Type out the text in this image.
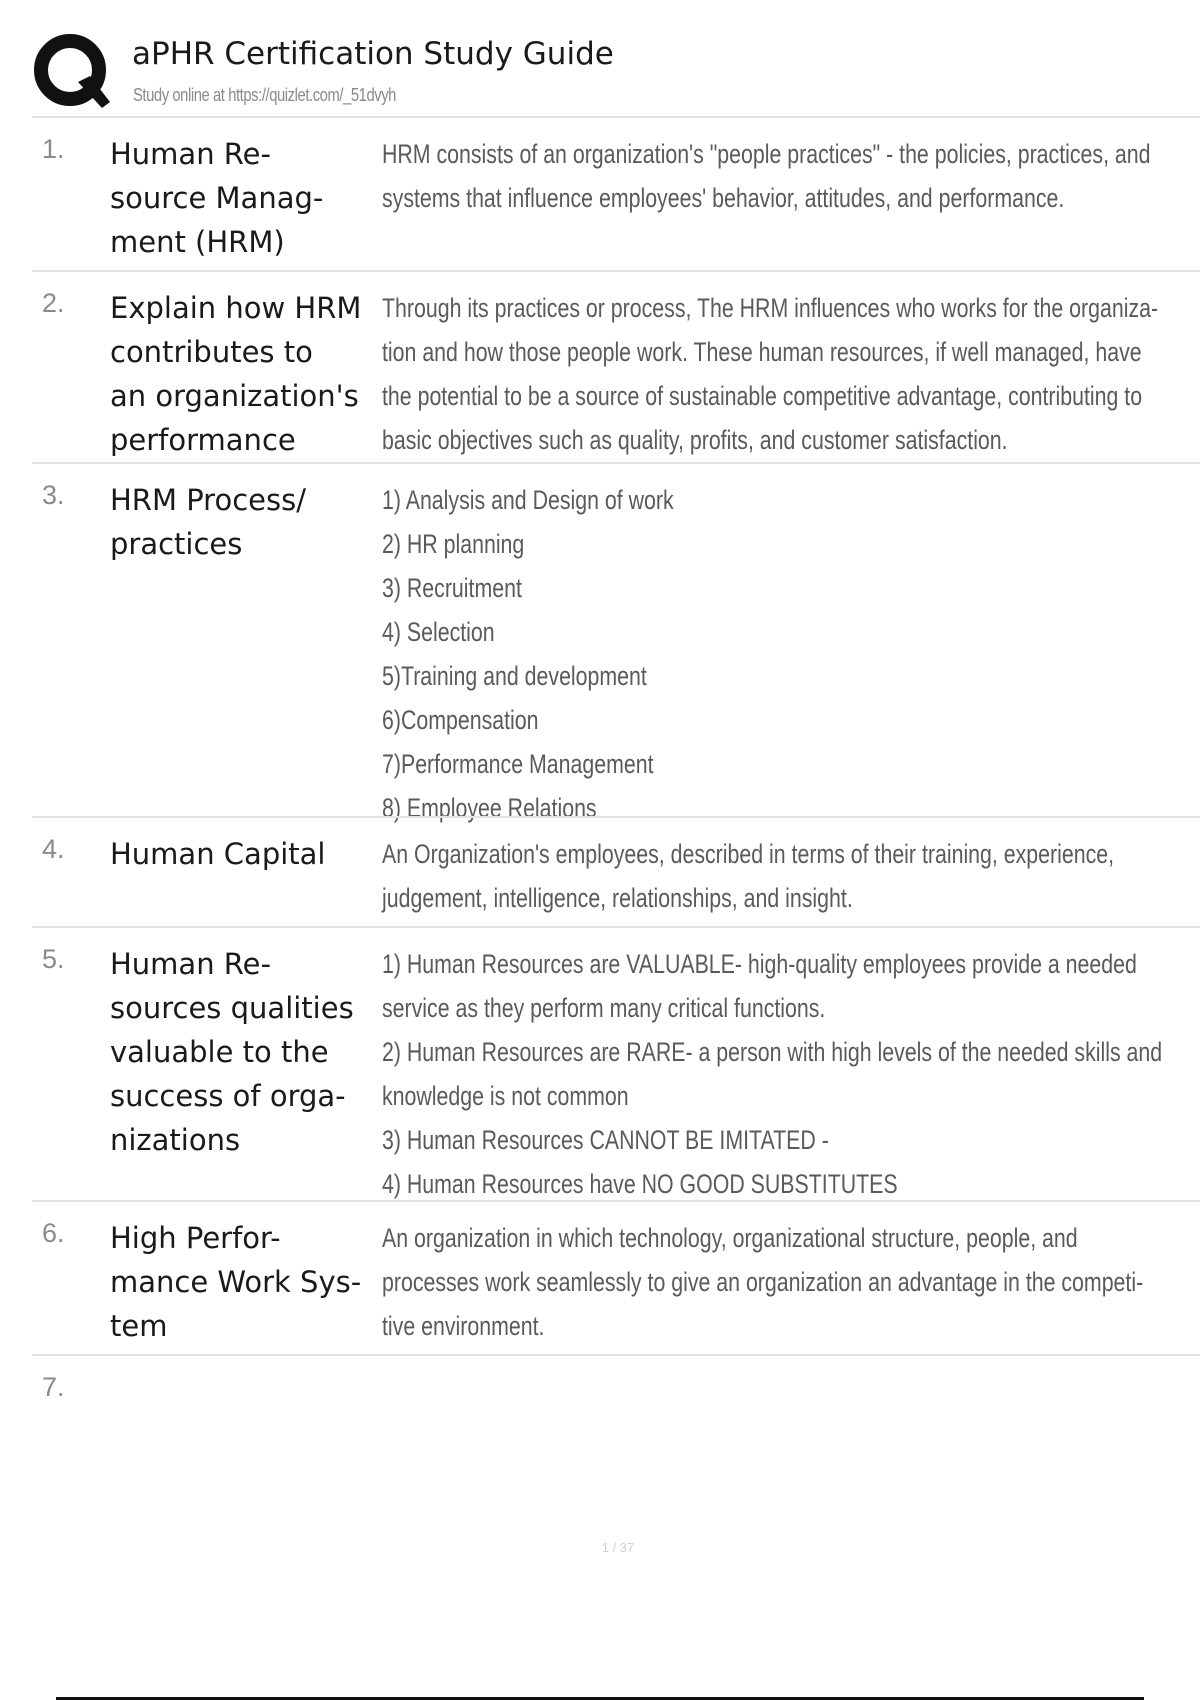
aPHR Certification Study Guide
Study online at https://quizlet.com/_51dvyh
1. Human Re-
source Manag-
ment (HRM)
HRM consists of an organization's "people practices" - the policies, practices, and
systems that influence employees' behavior, attitudes, and performance.
2. Explain how HRM
contributes to
an organization's
performance
Through its practices or process, The HRM influences who works for the organiza-
tion and how those people work. These human resources, if well managed, have
the potential to be a source of sustainable competitive advantage, contributing to
basic objectives such as quality, profits, and customer satisfaction.
3. HRM Process/
practices
1) Analysis and Design of work
2) HR planning
3) Recruitment
4) Selection
5)Training and development
6)Compensation
7)Performance Management
8) Employee Relations
4. Human Capital	An Organization's employees, described in terms of their training, experience,
judgement, intelligence, relationships, and insight.
5. Human Re-
sources qualities
valuable to the
success of orga-
nizations
1) Human Resources are VALUABLE- high-quality employees provide a needed
service as they perform many critical functions.
2) Human Resources are RARE- a person with high levels of the needed skills and
knowledge is not common
3) Human Resources CANNOT BE IMITATED -
4) Human Resources have NO GOOD SUBSTITUTES
6. High Perfor-
mance Work Sys-
tem
An organization in which technology, organizational structure, people, and
processes work seamlessly to give an organization an advantage in the competi-
tive environment.
7.
1 / 37
